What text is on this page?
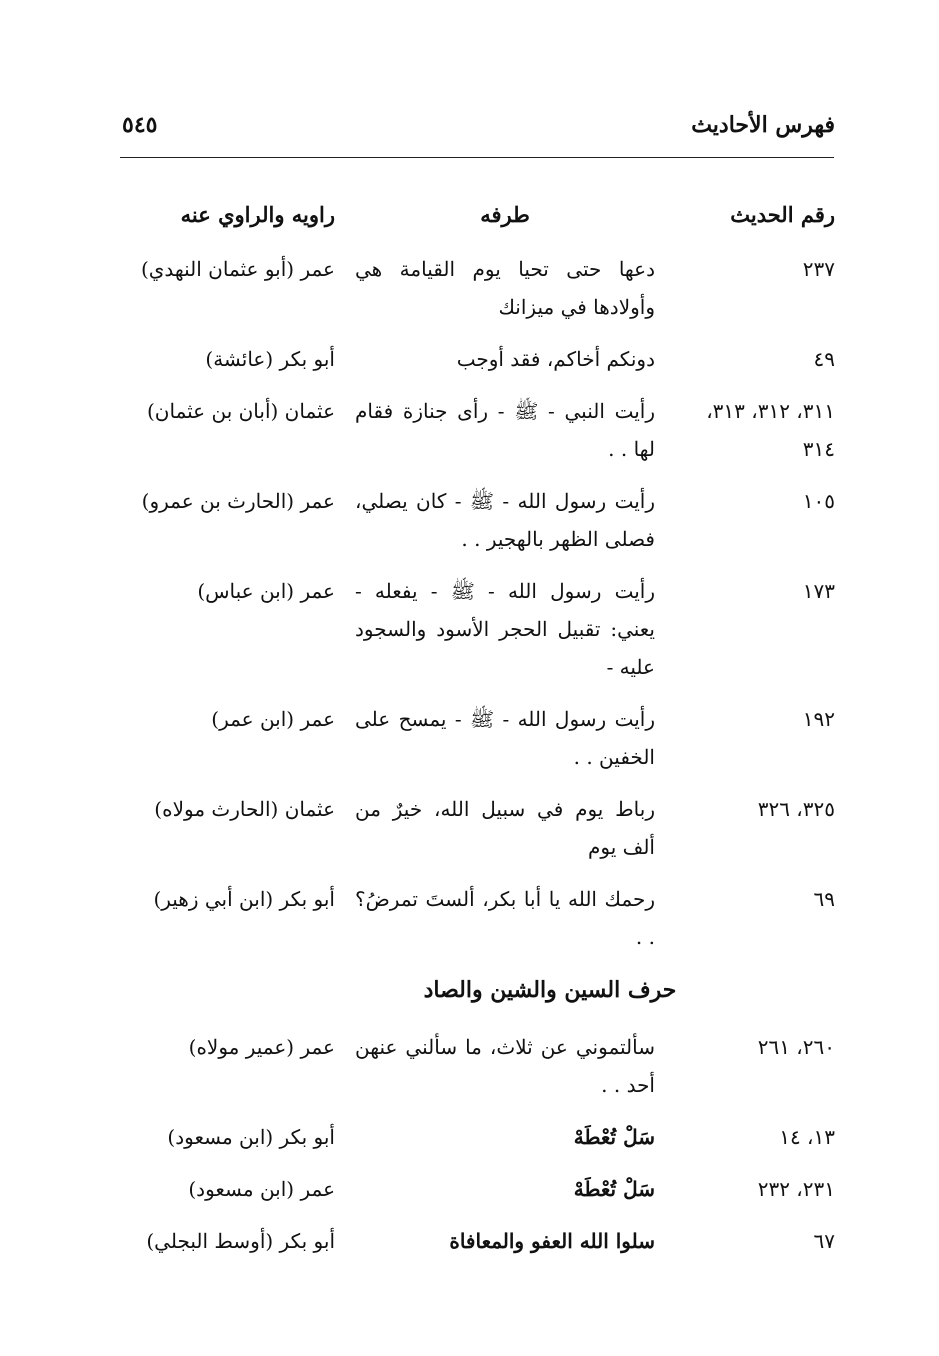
فهرس الأحاديث
٥٤٥
رقم الحديث
طرفه
راويه والراوي عنه
٢٣٧
دعها حتى تحيا يوم القيامة هي وأولادها في ميزانك
عمر (أبو عثمان النهدي)
٤٩
دونكم أخاكم، فقد أوجب
أبو بكر (عائشة)
٣١١، ٣١٢، ٣١٣، ٣١٤
رأيت النبي - ﷺ - رأى جنازة فقام لها . .
عثمان (أبان بن عثمان)
١٠٥
رأيت رسول الله - ﷺ - كان يصلي، فصلى الظهر بالهجير . .
عمر (الحارث بن عمرو)
١٧٣
رأيت رسول الله - ﷺ - يفعله - يعني: تقبيل الحجر الأسود والسجود عليه -
عمر (ابن عباس)
١٩٢
رأيت رسول الله - ﷺ - يمسح على الخفين . .
عمر (ابن عمر)
٣٢٥، ٣٢٦
رباط يوم في سبيل الله، خيرٌ من ألف يوم
عثمان (الحارث مولاه)
٦٩
رحمك الله يا أبا بكر، ألستَ تمرضُ؟ . .
أبو بكر (ابن أبي زهير)
حرف السين والشين والصاد
٢٦٠، ٢٦١
سألتموني عن ثلاث، ما سألني عنهن أحد . .
عمر (عمير مولاه)
١٣، ١٤
سَلْ تُعْطَهْ
أبو بكر (ابن مسعود)
٢٣١، ٢٣٢
سَلْ تُعْطَهْ
عمر (ابن مسعود)
٦٧
سلوا الله العفو والمعافاة
أبو بكر (أوسط البجلي)
